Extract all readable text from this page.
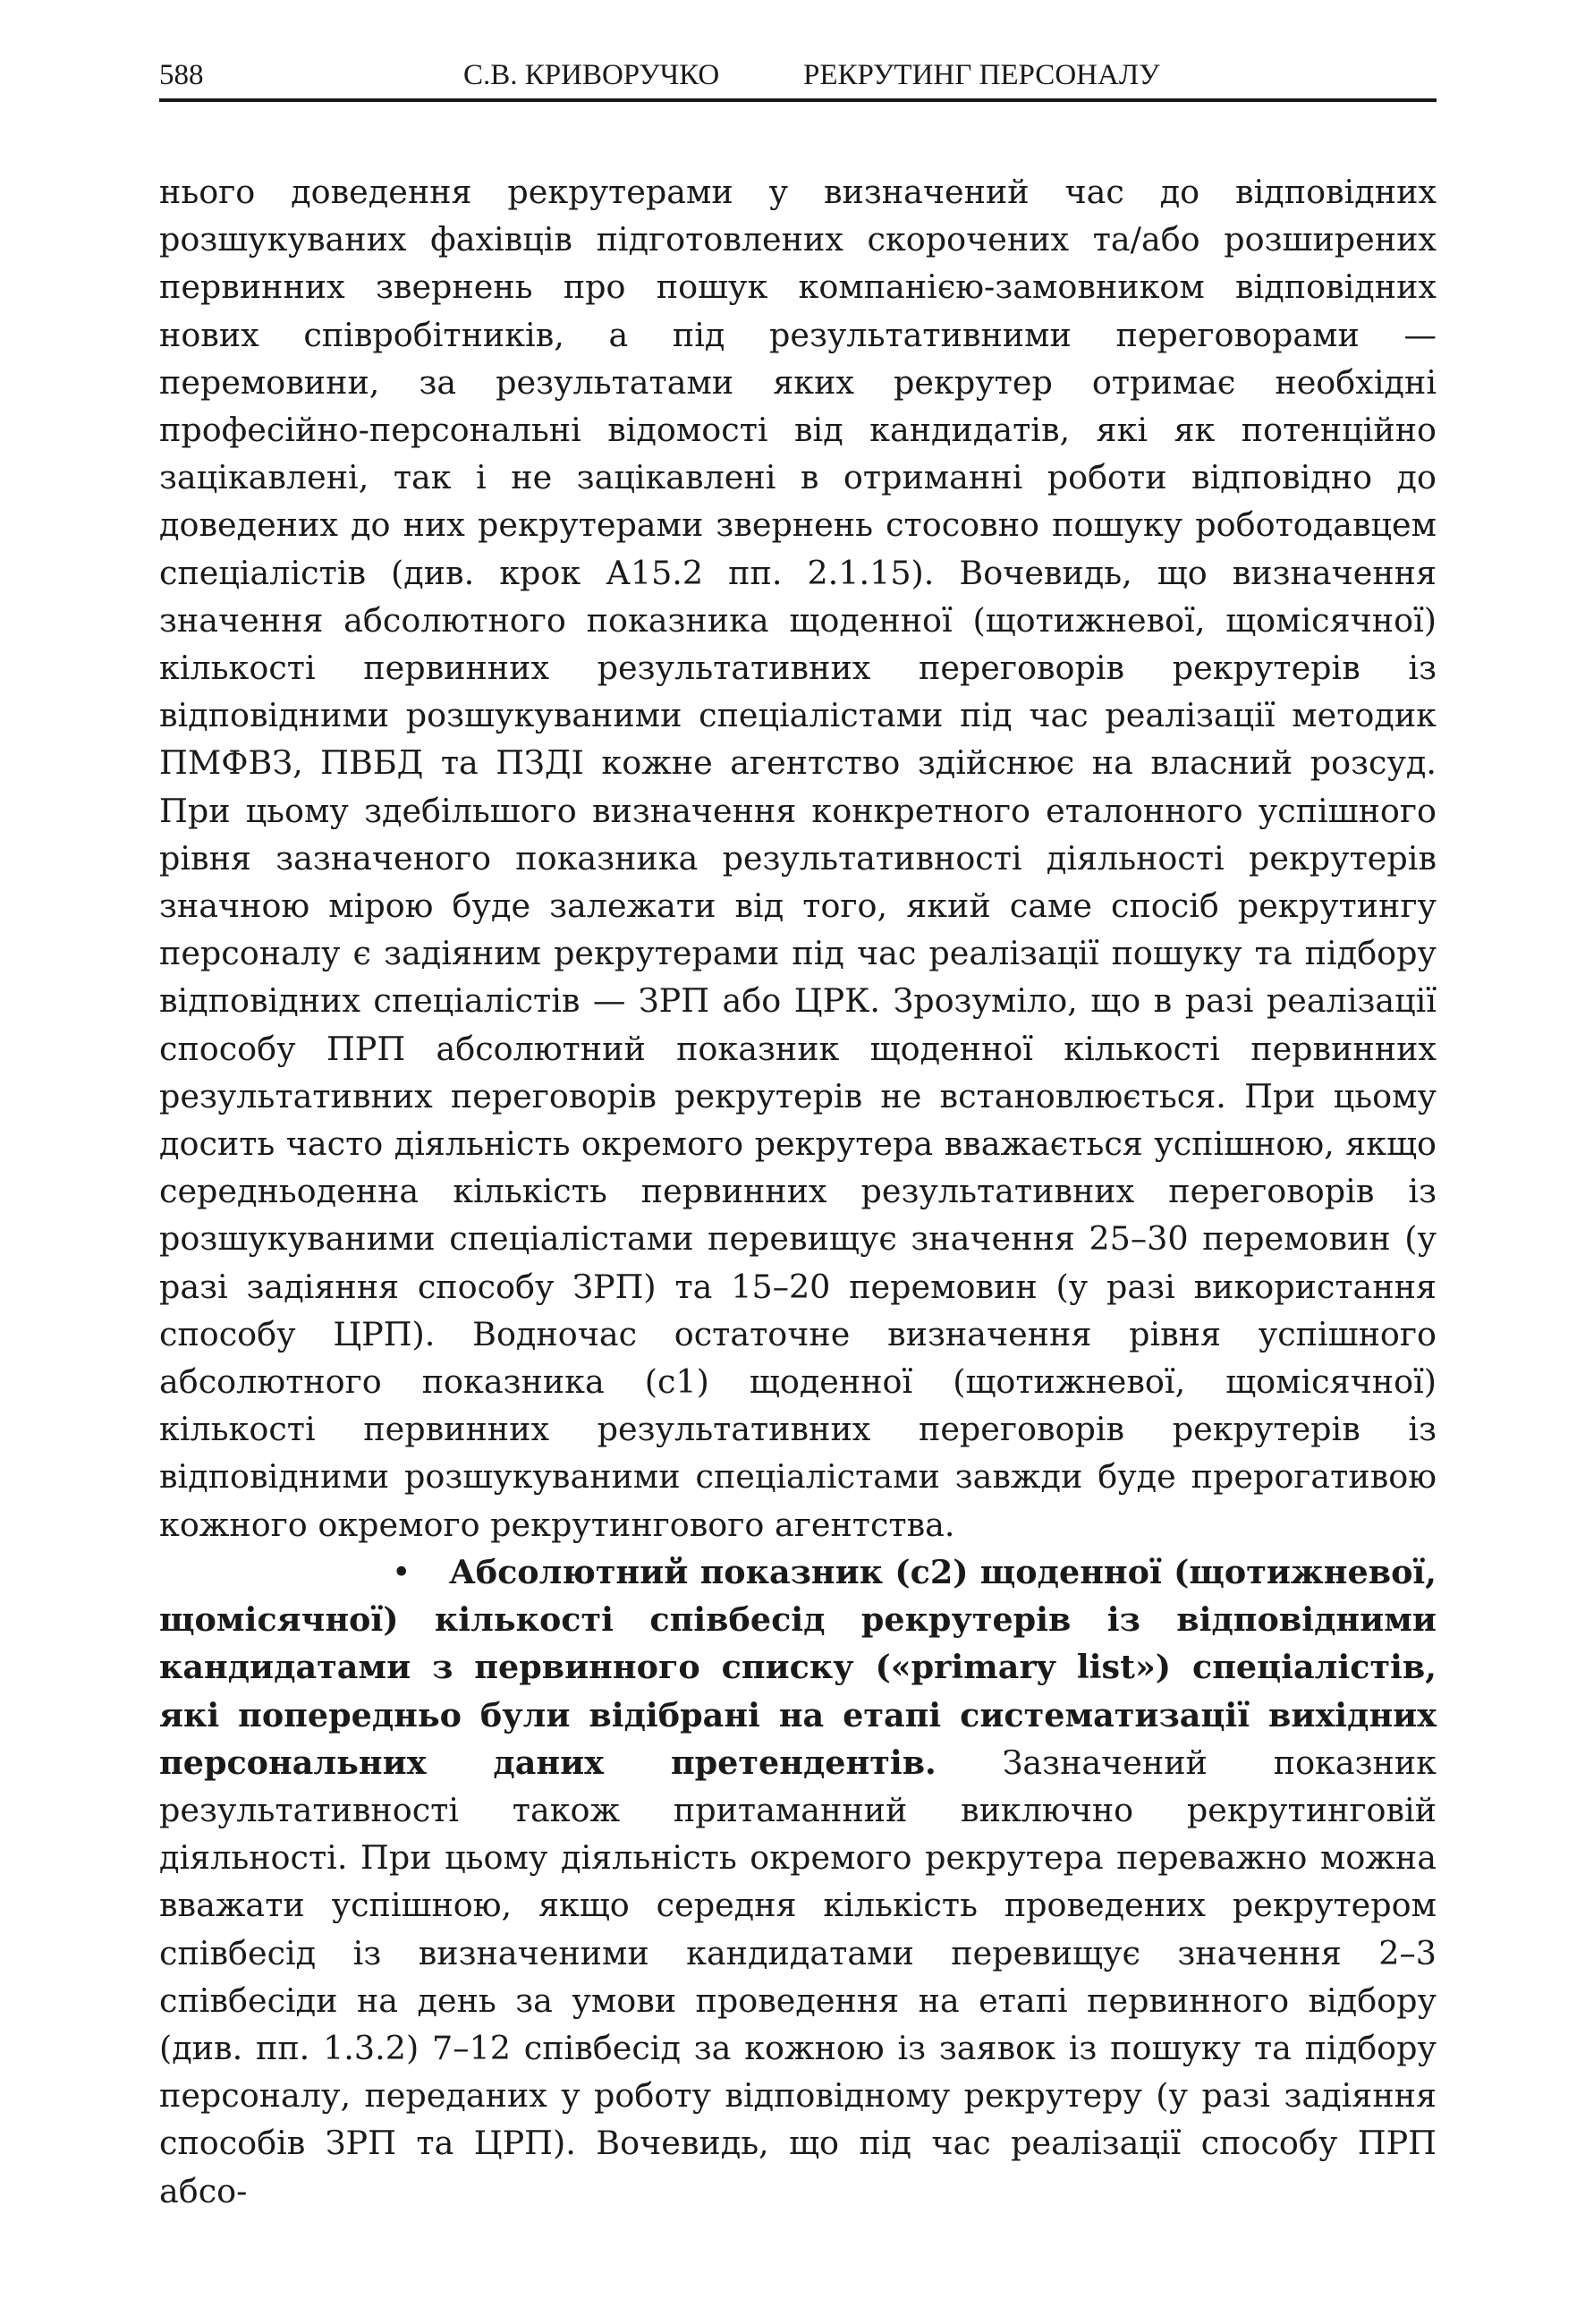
588	С.В. КРИВОРУЧКО	РЕКРУТИНГ ПЕРСОНАЛУ

нього доведення рекрутерами у визначений час до відповідних розшукуваних фахівців підготовлених скорочених та/або розширених первинних звернень про пошук компанією-замовником відповідних нових співробітників, а під результативними переговорами — перемовини, за результатами яких рекрутер отримає необхідні професійно-персональні відомості від кандидатів, які як потенційно зацікавлені, так і не зацікавлені в отриманні роботи відповідно до доведених до них рекрутерами звернень стосовно пошуку роботодавцем спеціалістів (див. крок А15.2 пп. 2.1.15). Вочевидь, що визначення значення абсолютного показника щоденної (щотижневої, щомісячної) кількості первинних результативних переговорів рекрутерів із відповідними розшукуваними спеціалістами під час реалізації методик ПМФВЗ, ПВБД та ПЗДІ кожне агентство здійснює на власний розсуд. При цьому здебільшого визначення конкретного еталонного успішного рівня зазначеного показника результативності діяльності рекрутерів значною мірою буде залежати від того, який саме спосіб рекрутингу персоналу є задіяним рекрутерами під час реалізації пошуку та підбору відповідних спеціалістів — ЗРП або ЦРК. Зрозуміло, що в разі реалізації способу ПРП абсолютний показник щоденної кількості первинних результативних переговорів рекрутерів не встановлюється. При цьому досить часто діяльність окремого рекрутера вважається успішною, якщо середньоденна кількість первинних результативних переговорів із розшукуваними спеціалістами перевищує значення 25–30 перемовин (у разі задіяння способу ЗРП) та 15–20 перемовин (у разі використання способу ЦРП). Водночас остаточне визначення рівня успішного абсолютного показника (с1) щоденної (щотижневої, щомісячної) кількості первинних результативних переговорів рекрутерів із відповідними розшукуваними спеціалістами завжди буде прерогативою кожного окремого рекрутингового агентства.

• Абсолютний показник (с2) щоденної (щотижневої, щомісячної) кількості співбесід рекрутерів із відповідними кандидатами з первинного списку («primary list») спеціалістів, які попередньо були відібрані на етапі систематизації вихідних персональних даних претендентів. Зазначений показник результативності також притаманний виключно рекрутинговій діяльності. При цьому діяльність окремого рекрутера переважно можна вважати успішною, якщо середня кількість проведених рекрутером співбесід із визначеними кандидатами перевищує значення 2–3 співбесіди на день за умови проведення на етапі первинного відбору (див. пп. 1.3.2) 7–12 співбесід за кожною із заявок із пошуку та підбору персоналу, переданих у роботу відповідному рекрутеру (у разі задіяння способів ЗРП та ЦРП). Вочевидь, що під час реалізації способу ПРП абсо-
